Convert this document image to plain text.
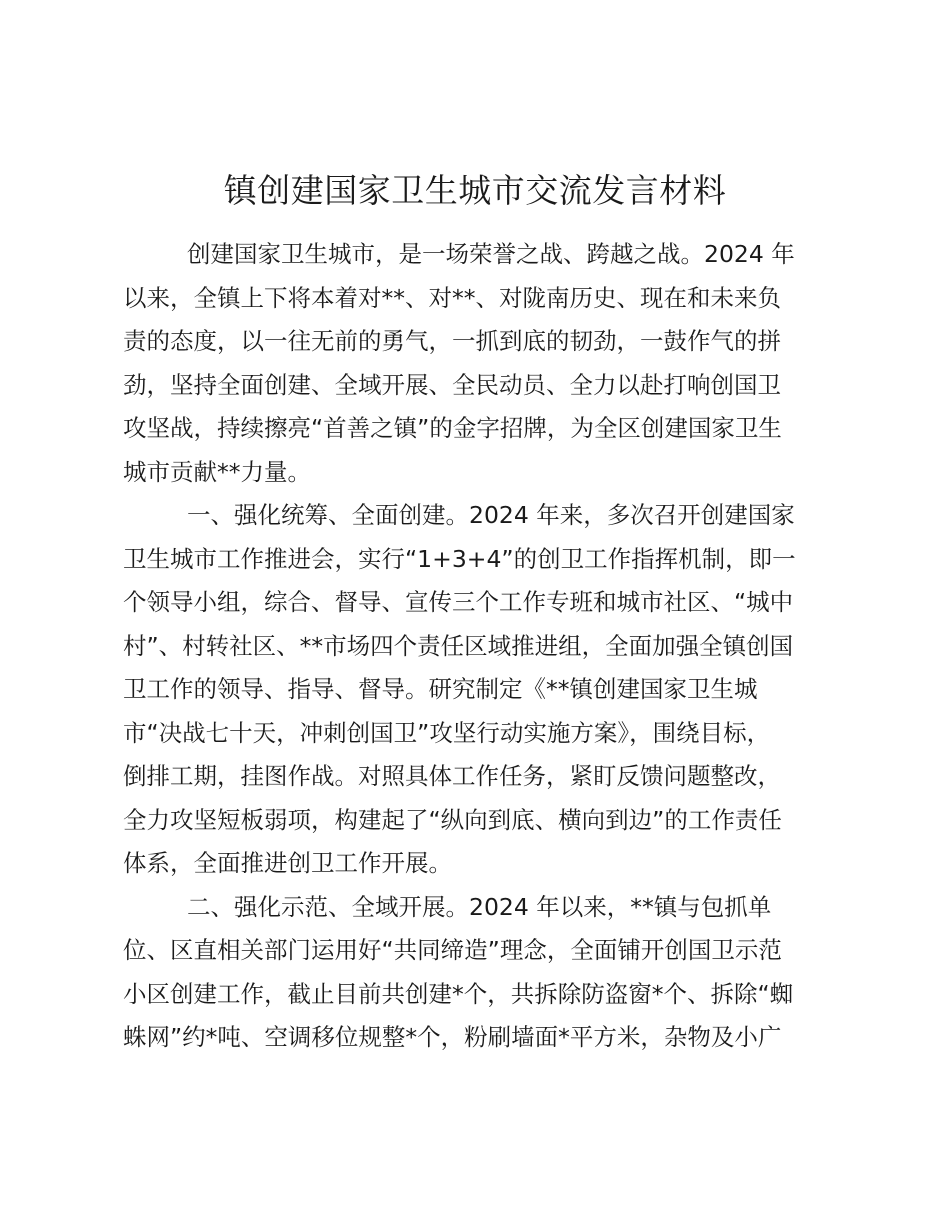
镇创建国家卫生城市交流发言材料
创建国家卫生城市，是一场荣誉之战、跨越之战。2024 年
以来，全镇上下将本着对**、对**、对陇南历史、现在和未来负
责的态度，以一往无前的勇气，一抓到底的韧劲，一鼓作气的拼
劲，坚持全面创建、全域开展、全民动员、全力以赴打响创国卫
攻坚战，持续擦亮“首善之镇”的金字招牌，为全区创建国家卫生
城市贡献**力量。
一、强化统筹、全面创建。2024 年来，多次召开创建国家
卫生城市工作推进会，实行“1+3+4”的创卫工作指挥机制，即一
个领导小组，综合、督导、宣传三个工作专班和城市社区、“城中
村”、村转社区、**市场四个责任区域推进组，全面加强全镇创国
卫工作的领导、指导、督导。研究制定《**镇创建国家卫生城
市“决战七十天，冲刺创国卫”攻坚行动实施方案》，围绕目标，
倒排工期，挂图作战。对照具体工作任务，紧盯反馈问题整改，
全力攻坚短板弱项，构建起了“纵向到底、横向到边”的工作责任
体系，全面推进创卫工作开展。
二、强化示范、全域开展。2024 年以来，**镇与包抓单
位、区直相关部门运用好“共同缔造”理念，全面铺开创国卫示范
小区创建工作，截止目前共创建*个，共拆除防盗窗*个、拆除“蜘
蛛网”约*吨、空调移位规整*个，粉刷墙面*平方米，杂物及小广
